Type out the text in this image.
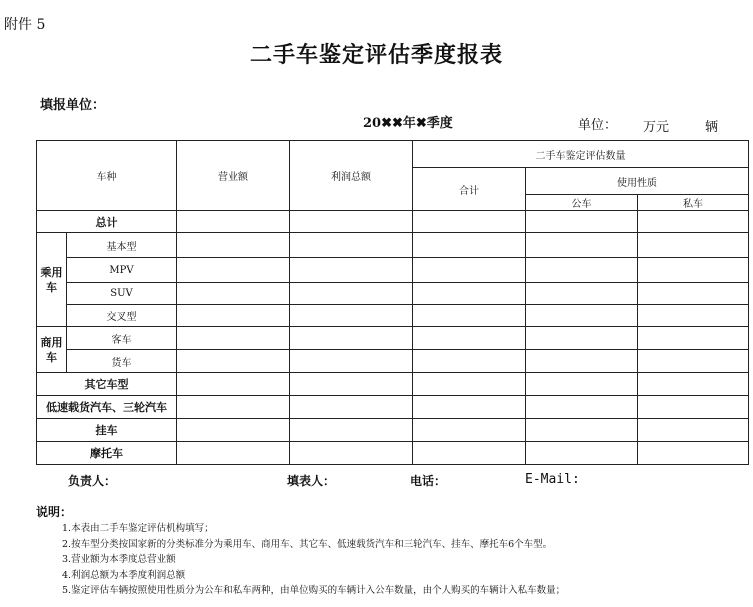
附件 5
二手车鉴定评估季度报表
填报单位：
20✖✖年✖季度	单位： 万元	辆
车种		营业额	利润总额	二手车鉴定评估数量		
				合计	使用性质	
					公车	私车
总计						
乘用车	基本型					
	MPV					
	SUV					
	交叉型					
商用车	客车					
	货车					
其它车型						
低速载货汽车、三轮汽车						
挂车						
摩托车						
负责人：	填表人：	电话：	E-Mail:
说明：
1.本表由二手车鉴定评估机构填写；
2.按车型分类按国家新的分类标准分为乘用车、商用车、其它车、低速载货汽车和三轮汽车、挂车、摩托车6个车型。
3.营业额为本季度总营业额
4.利润总额为本季度利润总额
5.鉴定评估车辆按照使用性质分为公车和私车两种，由单位购买的车辆计入公车数量，由个人购买的车辆计入私车数量；
